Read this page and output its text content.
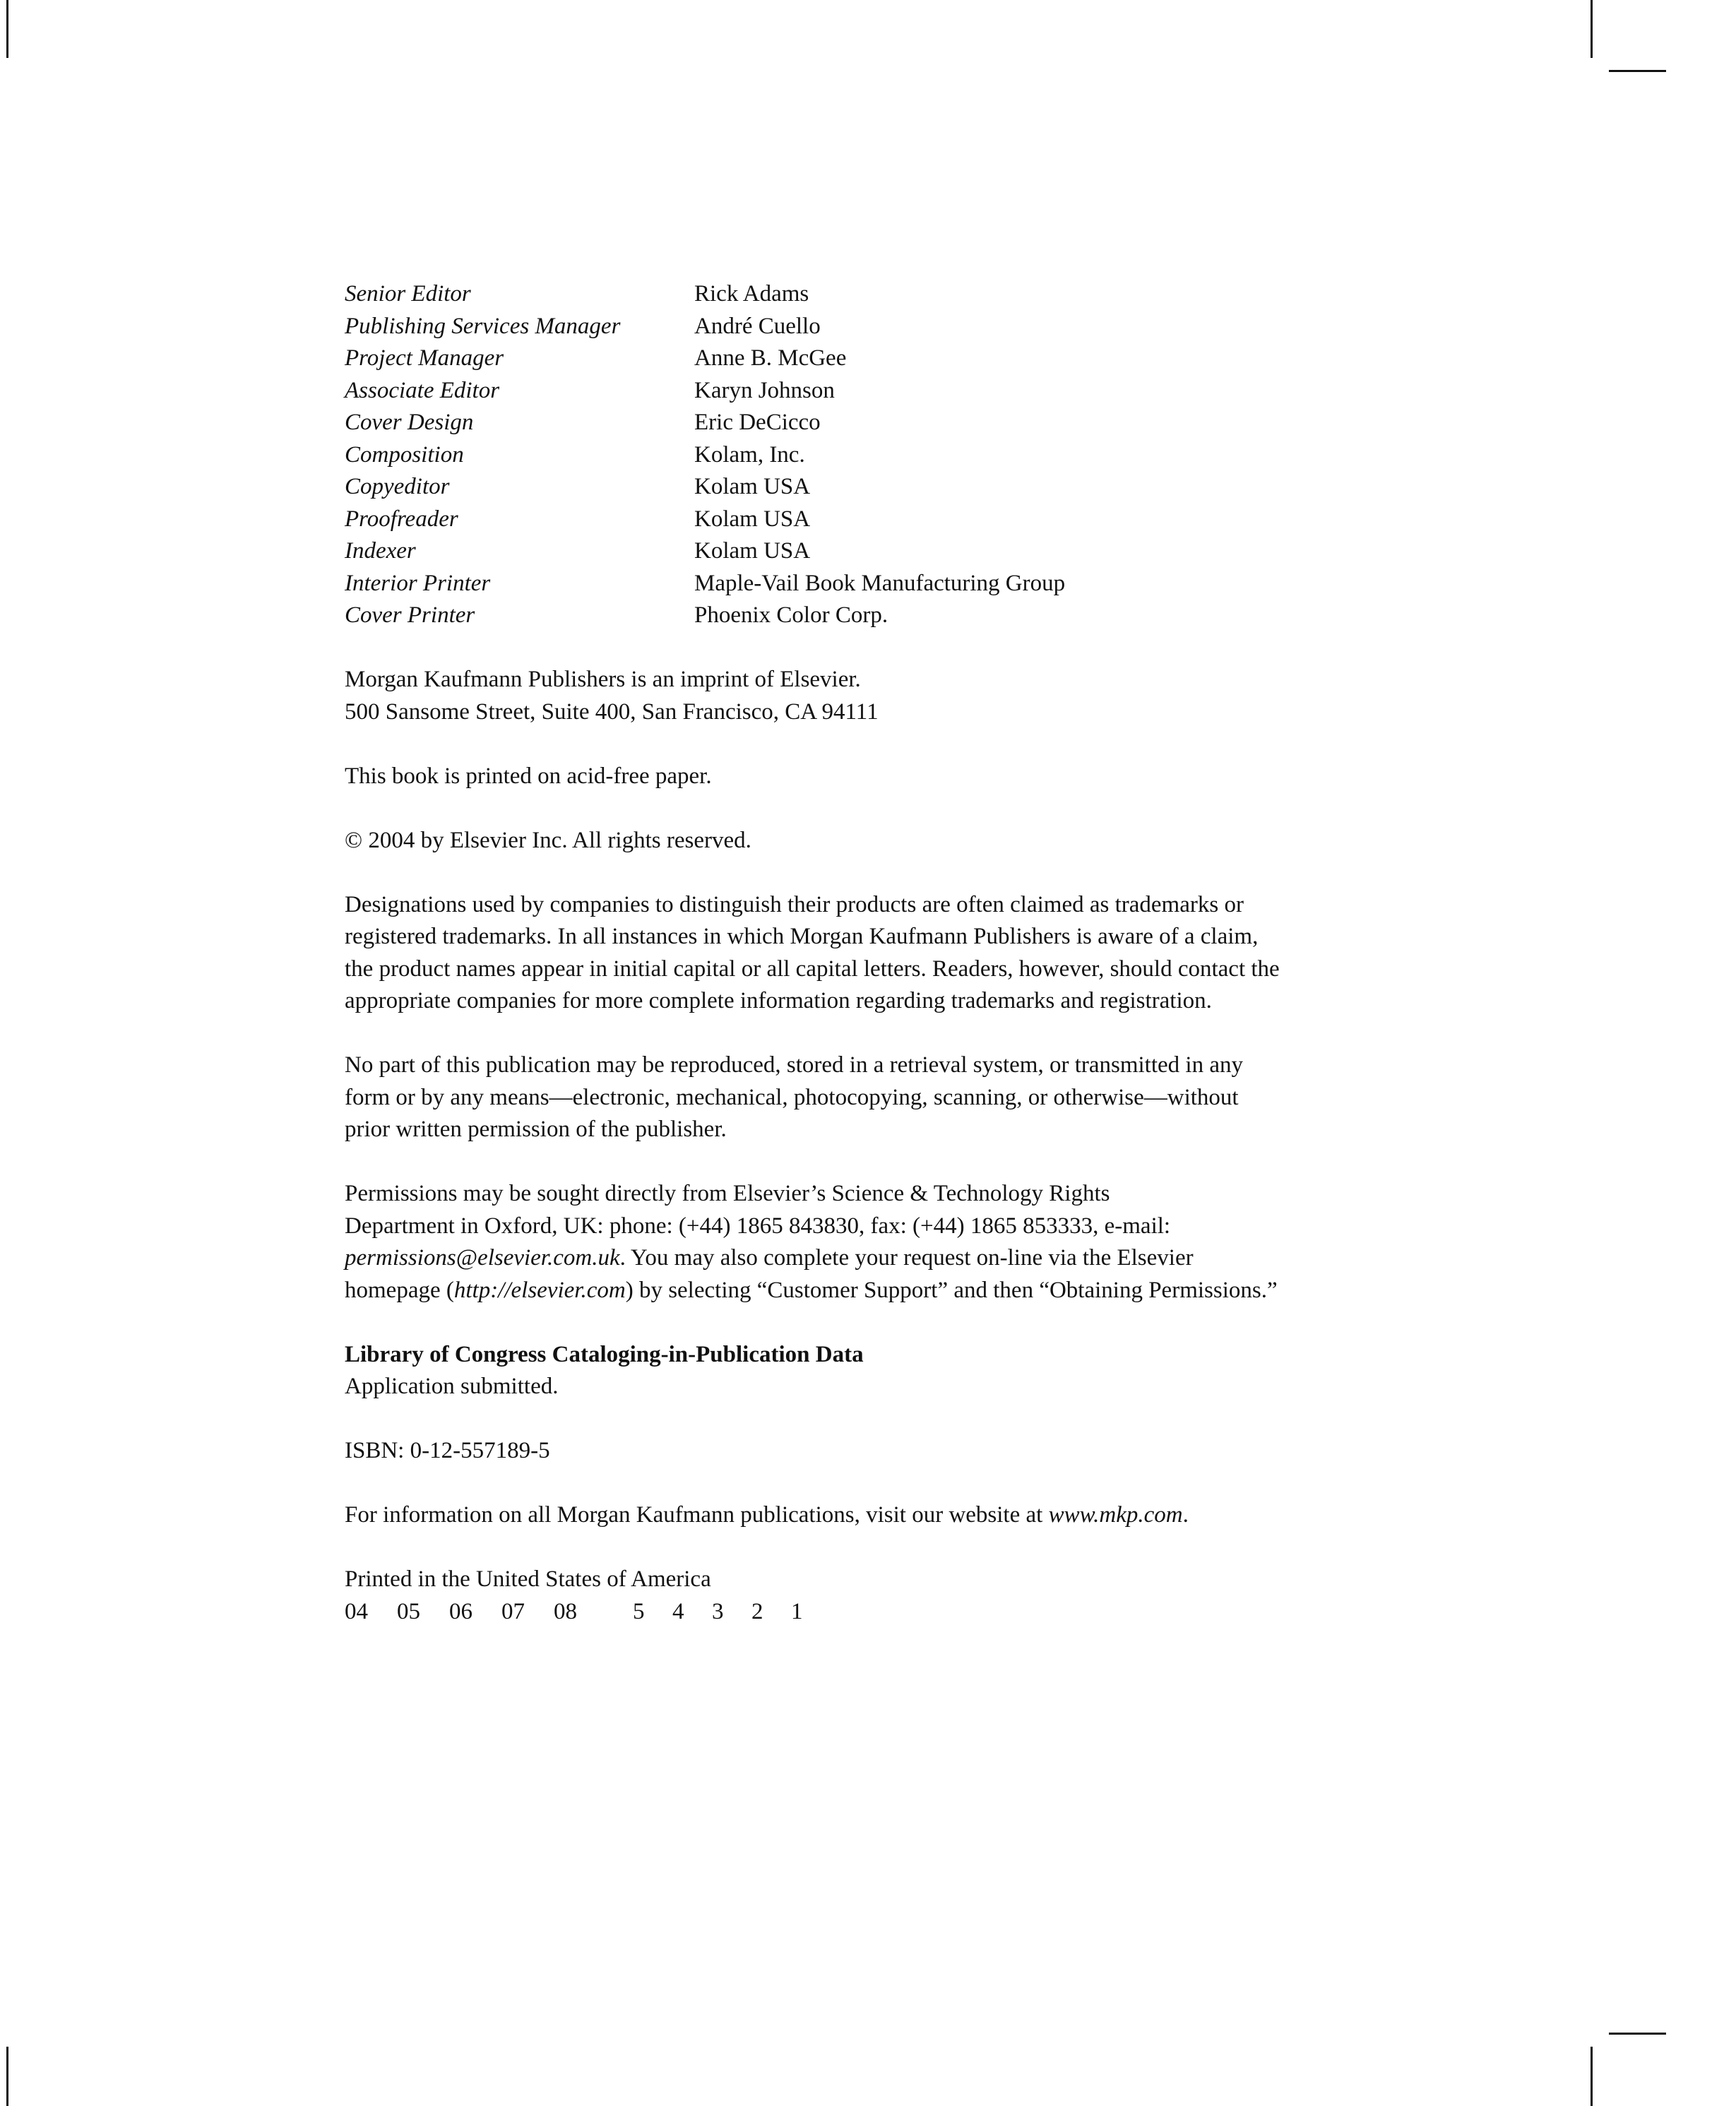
Senior Editor	Rick Adams
Publishing Services Manager	André Cuello
Project Manager	Anne B. McGee
Associate Editor	Karyn Johnson
Cover Design	Eric DeCicco
Composition	Kolam, Inc.
Copyeditor	Kolam USA
Proofreader	Kolam USA
Indexer	Kolam USA
Interior Printer	Maple-Vail Book Manufacturing Group
Cover Printer	Phoenix Color Corp.
Morgan Kaufmann Publishers is an imprint of Elsevier.
500 Sansome Street, Suite 400, San Francisco, CA 94111
This book is printed on acid-free paper.
© 2004 by Elsevier Inc. All rights reserved.
Designations used by companies to distinguish their products are often claimed as trademarks or
registered trademarks. In all instances in which Morgan Kaufmann Publishers is aware of a claim,
the product names appear in initial capital or all capital letters. Readers, however, should contact the
appropriate companies for more complete information regarding trademarks and registration.
No part of this publication may be reproduced, stored in a retrieval system, or transmitted in any
form or by any means—electronic, mechanical, photocopying, scanning, or otherwise—without
prior written permission of the publisher.
Permissions may be sought directly from Elsevier’s Science & Technology Rights
Department in Oxford, UK: phone: (+44) 1865 843830, fax: (+44) 1865 853333, e-mail:
permissions@elsevier.com.uk. You may also complete your request on-line via the Elsevier
homepage (http://elsevier.com) by selecting “Customer Support” and then “Obtaining Permissions.”
Library of Congress Cataloging-in-Publication Data
Application submitted.
ISBN: 0-12-557189-5
For information on all Morgan Kaufmann publications, visit our website at www.mkp.com.
Printed in the United States of America
04 05 06 07 08 5 4 3 2 1
